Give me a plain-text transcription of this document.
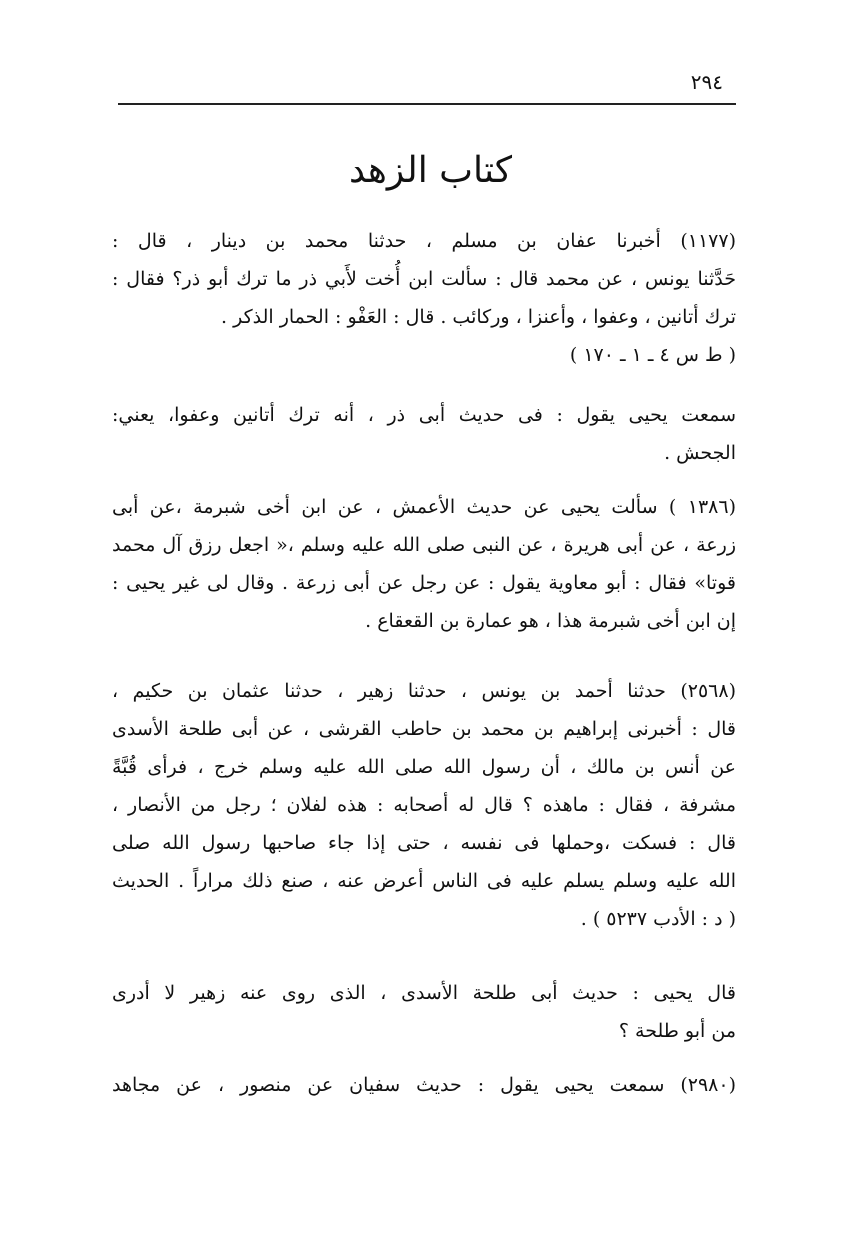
٢٩٤
كتاب الزهد
(١١٧٧) أخبرنا عفان بن مسلم ، حدثنا محمد بن دينار ، قال :
حَدَّثنا يونس ، عن محمد قال : سألت ابن أُخت لأَبي ذر ما ترك أبو ذر؟ فقال :
ترك أتانين ، وعفوا ، وأعنزا ، وركائب . قال : العَفْو : الحمار الذكر .
( ط س ٤ ـ ١ ـ ١٧٠ )
سمعت يحيى يقول : فى حديث أبى ذر ، أنه ترك أتانين وعفوا، يعني:
الجحش .
(١٣٨٦ ) سألت يحيى عن حديث الأعمش ، عن ابن أخى شبرمة ،عن أبى
زرعة ، عن أبى هريرة ، عن النبى صلى الله عليه وسلم ،« اجعل رزق آل محمد
قوتا» فقال : أبو معاوية يقول : عن رجل عن أبى زرعة . وقال لى غير يحيى :
إن ابن أخى شبرمة هذا ، هو عمارة بن القعقاع .
(٢٥٦٨) حدثنا أحمد بن يونس ، حدثنا زهير ، حدثنا عثمان بن حكيم ،
قال : أخبرنى إبراهيم بن محمد بن حاطب القرشى ، عن أبى طلحة الأسدى
عن أنس بن مالك ، أن رسول الله صلى الله عليه وسلم خرج ، فرأى قُبَّةً
مشرفة ، فقال : ماهذه ؟ قال له أصحابه : هذه لفلان ؛ رجل من الأنصار ،
قال : فسكت ،وحملها فى نفسه ، حتى إذا جاء صاحبها رسول الله صلى
الله عليه وسلم يسلم عليه فى الناس أعرض عنه ، صنع ذلك مراراً . الحديث
( د : الأدب ٥٢٣٧ ) .
قال يحيى : حديث أبى طلحة الأسدى ، الذى روى عنه زهير لا أدرى
من أبو طلحة ؟
(٢٩٨٠) سمعت يحيى يقول : حديث سفيان عن منصور ، عن مجاهد
